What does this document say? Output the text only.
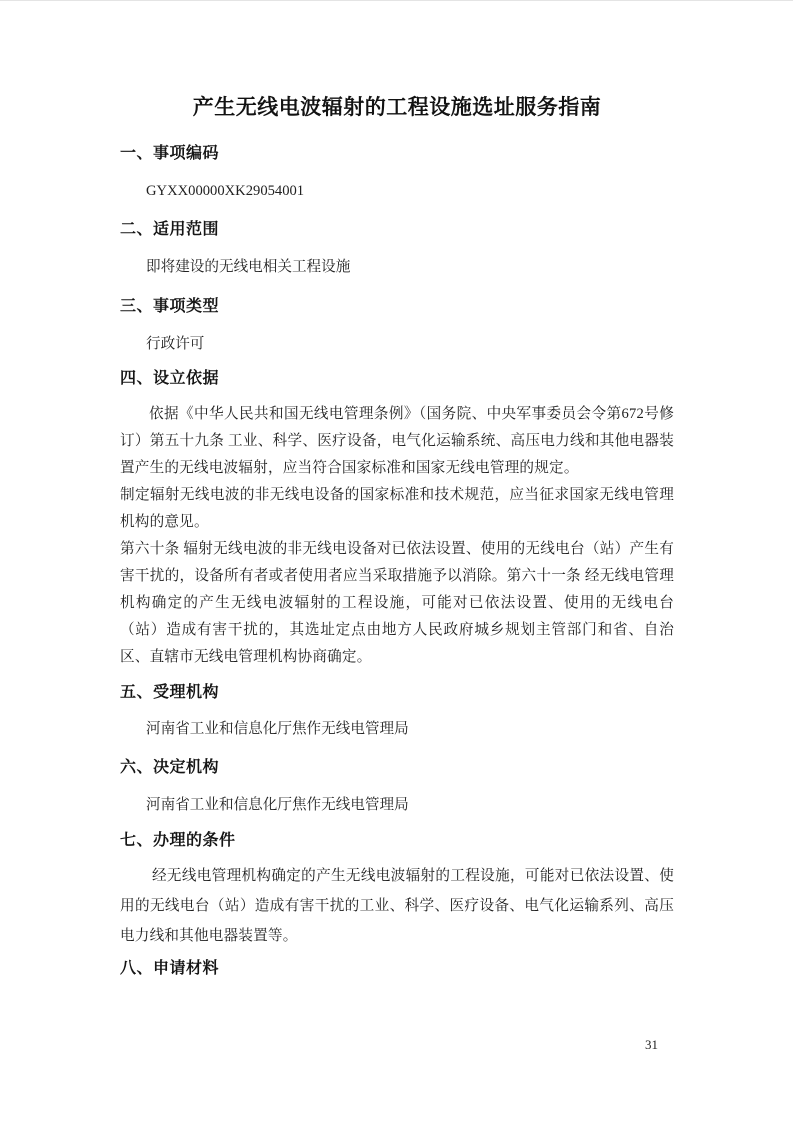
产生无线电波辐射的工程设施选址服务指南
一、事项编码
GYXX00000XK29054001
二、适用范围
即将建设的无线电相关工程设施
三、事项类型
行政许可
四、设立依据
依据《中华人民共和国无线电管理条例》（国务院、中央军事委员会令第672号修订）第五十九条 工业、科学、医疗设备，电气化运输系统、高压电力线和其他电器装置产生的无线电波辐射，应当符合国家标准和国家无线电管理的规定。
制定辐射无线电波的非无线电设备的国家标准和技术规范，应当征求国家无线电管理机构的意见。
第六十条 辐射无线电波的非无线电设备对已依法设置、使用的无线电台（站）产生有害干扰的，设备所有者或者使用者应当采取措施予以消除。第六十一条 经无线电管理机构确定的产生无线电波辐射的工程设施，可能对已依法设置、使用的无线电台（站）造成有害干扰的，其选址定点由地方人民政府城乡规划主管部门和省、自治区、直辖市无线电管理机构协商确定。
五、受理机构
河南省工业和信息化厅焦作无线电管理局
六、决定机构
河南省工业和信息化厅焦作无线电管理局
七、办理的条件
经无线电管理机构确定的产生无线电波辐射的工程设施，可能对已依法设置、使用的无线电台（站）造成有害干扰的工业、科学、医疗设备、电气化运输系列、高压电力线和其他电器装置等。
八、申请材料
31
